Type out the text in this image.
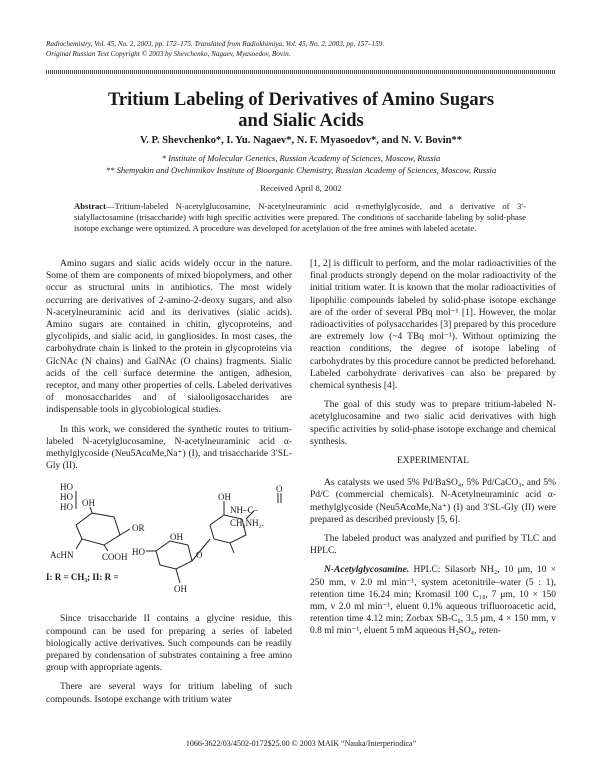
Radiochemistry, Vol. 45, No. 2, 2003, pp. 172–175. Translated from Radiokhimiya, Vol. 45, No. 2, 2003, pp. 157–159.
Original Russian Text Copyright © 2003 by Shevchenko, Nagaev, Myasoedov, Bovin.
Tritium Labeling of Derivatives of Amino Sugars
and Sialic Acids
V. P. Shevchenko*, I. Yu. Nagaev*, N. F. Myasoedov*, and N. V. Bovin**
* Institute of Molecular Genetics, Russian Academy of Sciences, Moscow, Russia
** Shemyakin and Ovchinnikov Institute of Bioorganic Chemistry, Russian Academy of Sciences, Moscow, Russia
Received April 8, 2002
Abstract—Tritium-labeled N-acetylglucosamine, N-acetylneuraminic acid α-methylglycoside, and a derivative of 3′-sialyllactosamine (trisaccharide) with high specific activities were prepared. The conditions of saccharide labeling by solid-phase isotope exchange were optimized. A procedure was developed for acetylation of the free amines with labeled acetate.

Amino sugars and sialic acids widely occur in the nature. Some of them are components of mixed biopolymers, and other occur as structural units in antibiotics. The most widely occurring are derivatives of 2-amino-2-deoxy sugars, and also N-acetylneuraminic acid and its derivatives (sialic acids). Amino sugars are contained in chitin, glycoproteins, and glycolipids, and sialic acid, in gangliosides. In most cases, the carbohydrate chain is linked to the protein in glycoproteins via GlcNAc (N chains) and GalNAc (O chains) fragments. Sialic acids of the cell surface determine the antigen, adhesion, receptor, and many other properties of cells. Labeled derivatives of monosaccharides and of sialooligosaccharides are indispensable tools in glycobiological studies.

In this work, we considered the synthetic routes to tritium-labeled N-acetylglucosamine, N-acetylneuraminic acid α-methylglycoside (Neu5AcαMe,Na⁺) (I), and trisaccharide 3′SL-Gly (II).

HO
HO
HO OH
OR
AcHN	COOH HO
OH
OH
O
NH–C–CH₂NH₂.
O
OH
I: R = CH₃; II: R =

Since trisaccharide II contains a glycine residue, this compound can be used for preparing a series of labeled biologically active derivatives. Such compounds can be readily prepared by condensation of substrates containing a free amino group with appropriate agents.

There are several ways for tritium labeling of such compounds. Isotope exchange with tritium water

[1, 2] is difficult to perform, and the molar radioactivities of the final products strongly depend on the molar radioactivity of the initial tritium water. It is known that the molar radioactivities of lipophilic compounds labeled by solid-phase isotope exchange are of the order of several PBq mol⁻¹ [1]. However, the molar radioactivities of polysaccharides [3] prepared by this procedure are extremely low (~4 TBq mol⁻¹). Without optimizing the reaction conditions, the degree of isotope labeling of carbohydrates by this procedure cannot be predicted beforehand. Labeled carbohydrate derivatives can also be prepared by chemical synthesis [4].

The goal of this study was to prepare tritium-labeled N-acetylglucosamine and two sialic acid derivatives with high specific activities by solid-phase isotope exchange and chemical synthesis.

EXPERIMENTAL

As catalysts we used 5% Pd/BaSO₄, 5% Pd/CaCO₃, and 5% Pd/C (commercial chemicals). N-Acetylneuraminic acid α-methylglycoside (Neu5AcαMe,Na⁺) (I) and 3′SL-Gly (II) were prepared as described previously [5, 6].

The labeled product was analyzed and purified by TLC and HPLC.

N-Acetylglycosamine. HPLC: Silasorb NH₂, 10 μm, 10 × 250 mm, v 2.0 ml min⁻¹, system acetonitrile–water (5 : 1), retention time 16.24 min; Kromasil 100 C₁₈, 7 μm, 10 × 150 mm, v 2.0 ml min⁻¹, eluent 0.1% aqueous trifluoroacetic acid, retention time 4.12 min; Zorbax SB-C₈, 3.5 μm, 4 × 150 mm, v 0.8 ml min⁻¹, eluent 5 mM aqueous H₂SO₄, reten-

1066-3622/03/4502-0172$25.00 © 2003 MAIK “Nauka/Interperiodica”
